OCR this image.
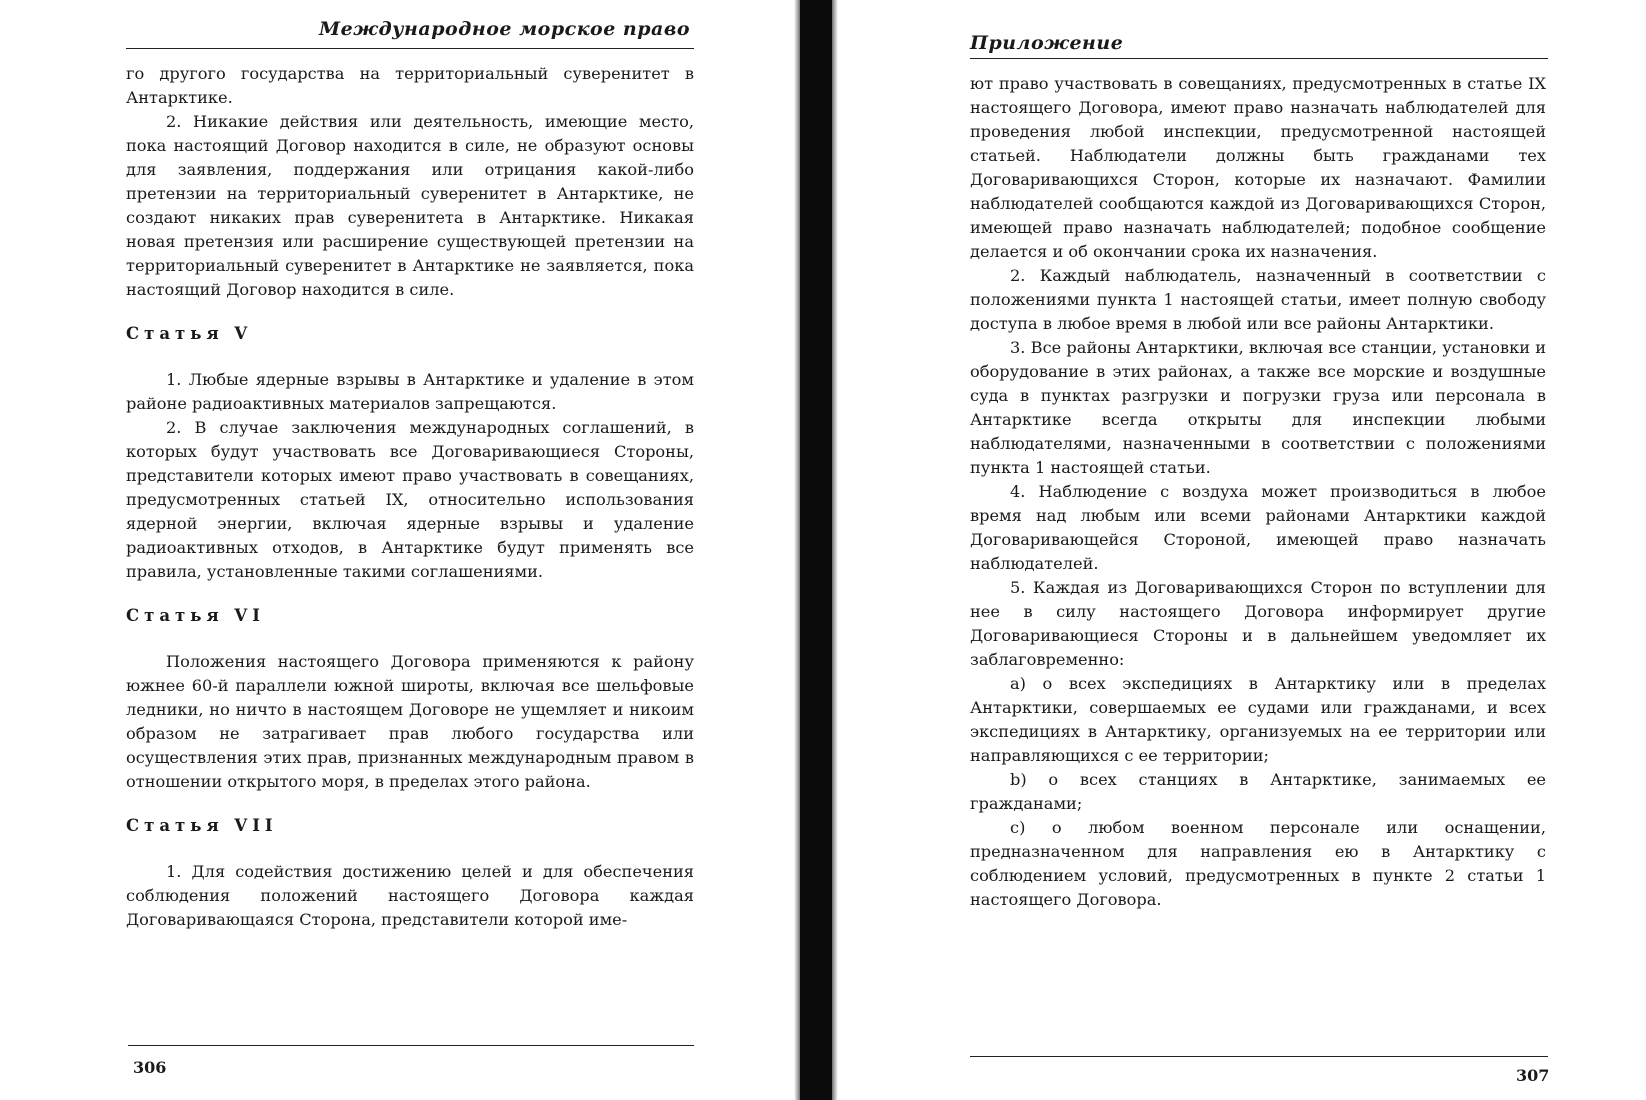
Международное морское право

го другого государства на территориальный суверенитет в Антарктике.

2. Никакие действия или деятельность, имеющие место, пока настоящий Договор находится в силе, не образуют основы для заявления, поддержания или отрицания какой-либо претензии на территориальный суверенитет в Антарктике, не создают никаких прав суверенитета в Антарктике. Никакая новая претензия или расширение существующей претензии на территориальный суверенитет в Антарктике не заявляется, пока настоящий Договор находится в силе.

Статья V

1. Любые ядерные взрывы в Антарктике и удаление в этом районе радиоактивных материалов запрещаются.

2. В случае заключения международных соглашений, в которых будут участвовать все Договаривающиеся Стороны, представители которых имеют право участвовать в совещаниях, предусмотренных статьей IX, относительно использования ядерной энергии, включая ядерные взрывы и удаление радиоактивных отходов, в Антарктике будут применять все правила, установленные такими соглашениями.

Статья VI

Положения настоящего Договора применяются к району южнее 60-й параллели южной широты, включая все шельфовые ледники, но ничто в настоящем Договоре не ущемляет и никоим образом не затрагивает прав любого государства или осуществления этих прав, признанных международным правом в отношении открытого моря, в пределах этого района.

Статья VII

1. Для содействия достижению целей и для обеспечения соблюдения положений настоящего Договора каждая Договаривающаяся Сторона, представители которой име-

306
Приложение

ют право участвовать в совещаниях, предусмотренных в статье IX настоящего Договора, имеют право назначать наблюдателей для проведения любой инспекции, предусмотренной настоящей статьей. Наблюдатели должны быть гражданами тех Договаривающихся Сторон, которые их назначают. Фамилии наблюдателей сообщаются каждой из Договаривающихся Сторон, имеющей право назначать наблюдателей; подобное сообщение делается и об окончании срока их назначения.

2. Каждый наблюдатель, назначенный в соответствии с положениями пункта 1 настоящей статьи, имеет полную свободу доступа в любое время в любой или все районы Антарктики.

3. Все районы Антарктики, включая все станции, установки и оборудование в этих районах, а также все морские и воздушные суда в пунктах разгрузки и погрузки грузa или персонала в Антарктике всегда открыты для инспекции любыми наблюдателями, назначенными в соответствии с положениями пункта 1 настоящей статьи.

4. Наблюдение с воздуха может производиться в любое время над любым или всеми районами Антарктики каждой Договаривающейся Стороной, имеющей право назначать наблюдателей.

5. Каждая из Договаривающихся Сторон по вступлении для нее в силу настоящего Договора информирует другие Договаривающиеся Стороны и в дальнейшем уведомляет их заблаговременно:

a) о всех экспедициях в Антарктику или в пределах Антарктики, совершаемых ее судами или гражданами, и всех экспедициях в Антарктику, организуемых на ее территории или направляющихся с ее территории;

b) о всех станциях в Антарктике, занимаемых ее гражданами;

c) о любом военном персонале или оснащении, предназначенном для направления ею в Антарктику с соблюдением условий, предусмотренных в пункте 2 статьи 1 настоящего Договора.

307
